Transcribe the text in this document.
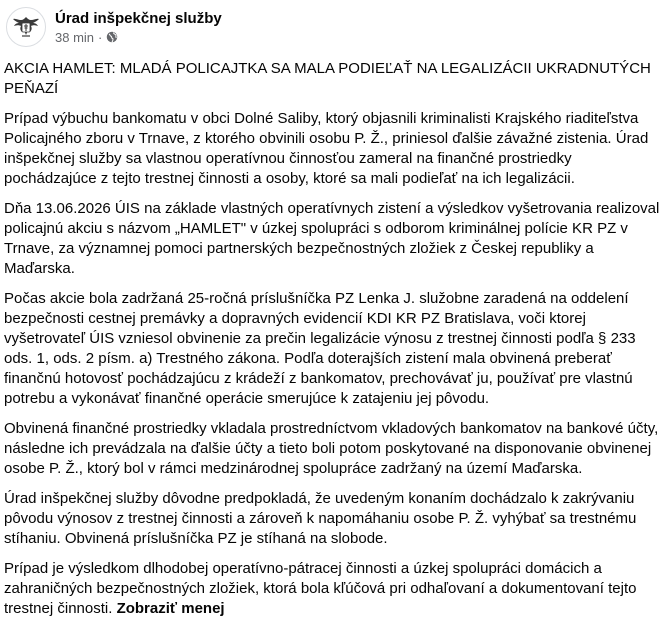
Úrad inšpekčnej služby
38 min ·
AKCIA HAMLET: MLADÁ POLICAJTKA SA MALA PODIEĽAŤ NA LEGALIZÁCII UKRADNUTÝCH PEŇAZÍ

Prípad výbuchu bankomatu v obci Dolné Saliby, ktorý objasnili kriminalisti Krajského riaditeľstva Policajného zboru v Trnave, z ktorého obvinili osobu P. Ž., priniesol ďalšie závažné zistenia. Úrad inšpekčnej služby sa vlastnou operatívnou činnosťou zameral na finančné prostriedky pochádzajúce z tejto trestnej činnosti a osoby, ktoré sa mali podieľať na ich legalizácii.

Dňa 13.06.2026 ÚIS na základe vlastných operatívnych zistení a výsledkov vyšetrovania realizoval policajnú akciu s názvom „HAMLET" v úzkej spolupráci s odborom kriminálnej polície KR PZ v Trnave, za významnej pomoci partnerských bezpečnostných zložiek z Českej republiky a Maďarska.

Počas akcie bola zadržaná 25-ročná príslušníčka PZ Lenka J. služobne zaradená na oddelení bezpečnosti cestnej premávky a dopravných evidencií KDI KR PZ Bratislava, voči ktorej vyšetrovateľ ÚIS vzniesol obvinenie za prečin legalizácie výnosu z trestnej činnosti podľa § 233 ods. 1, ods. 2 písm. a) Trestného zákona. Podľa doterajších zistení mala obvinená preberať finančnú hotovosť pochádzajúcu z krádeží z bankomatov, prechovávať ju, používať pre vlastnú potrebu a vykonávať finančné operácie smerujúce k zatajeniu jej pôvodu.

Obvinená finančné prostriedky vkladala prostredníctvom vkladových bankomatov na bankové účty, následne ich prevádzala na ďalšie účty a tieto boli potom poskytované na disponovanie obvinenej osobe P. Ž., ktorý bol v rámci medzinárodnej spolupráce zadržaný na území Maďarska.

Úrad inšpekčnej služby dôvodne predpokladá, že uvedeným konaním dochádzalo k zakrývaniu pôvodu výnosov z trestnej činnosti a zároveň k napomáhaniu osobe P. Ž. vyhýbať sa trestnému stíhaniu. Obvinená príslušníčka PZ je stíhaná na slobode.

Prípad je výsledkom dlhodobej operatívno-pátracej činnosti a úzkej spolupráci domácich a zahraničných bezpečnostných zložiek, ktorá bola kľúčová pri odhaľovaní a dokumentovaní tejto trestnej činnosti. Zobraziť menej
